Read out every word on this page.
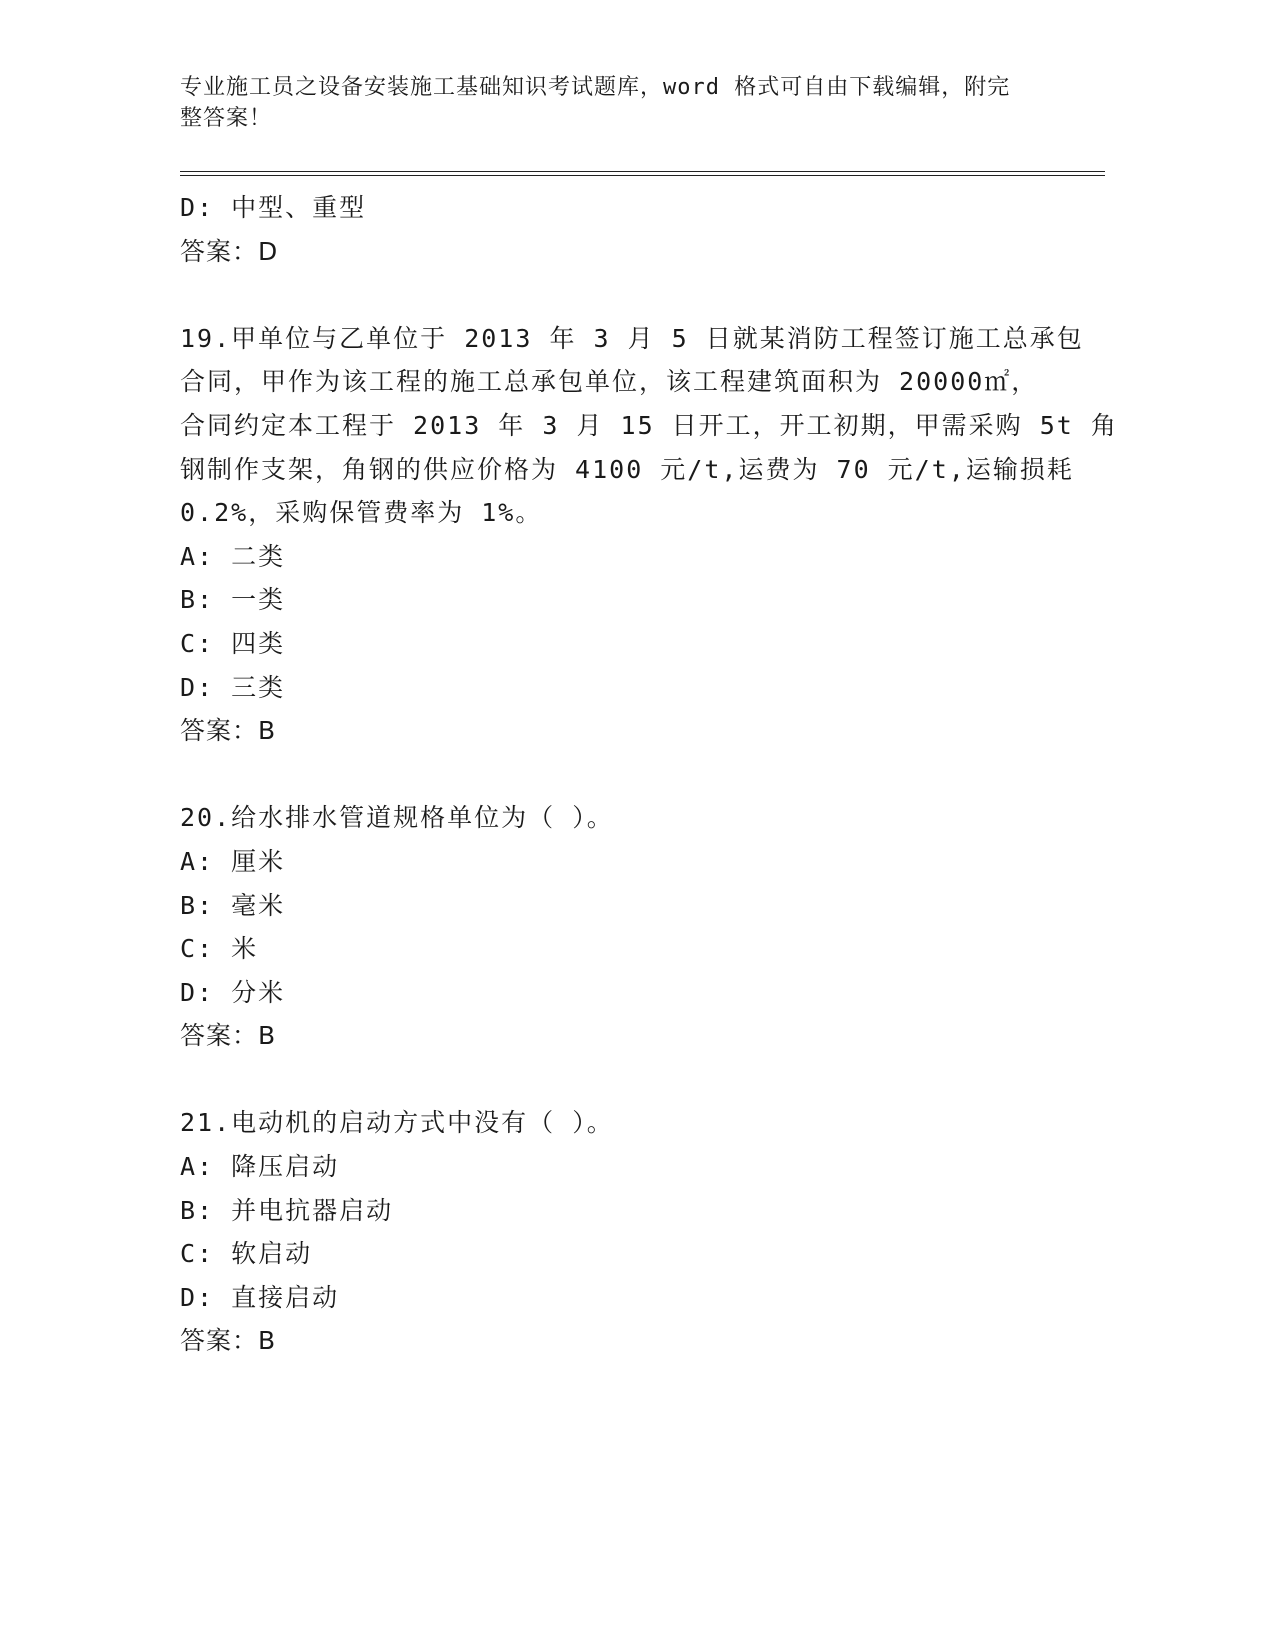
专业施工员之设备安装施工基础知识考试题库，word 格式可自由下载编辑，附完
整答案！
D: 中型、重型
答案：D
19.甲单位与乙单位于 2013 年 3 月 5 日就某消防工程签订施工总承包
合同，甲作为该工程的施工总承包单位，该工程建筑面积为 20000㎡，
合同约定本工程于 2013 年 3 月 15 日开工，开工初期，甲需采购 5t 角
钢制作支架，角钢的供应价格为 4100 元/t,运费为 70 元/t,运输损耗
0.2%，采购保管费率为 1%。
A: 二类
B: 一类
C: 四类
D: 三类
答案：B
20.给水排水管道规格单位为（ ）。
A: 厘米
B: 毫米
C: 米
D: 分米
答案：B
21.电动机的启动方式中没有（ ）。
A: 降压启动
B: 并电抗器启动
C: 软启动
D: 直接启动
答案：B
